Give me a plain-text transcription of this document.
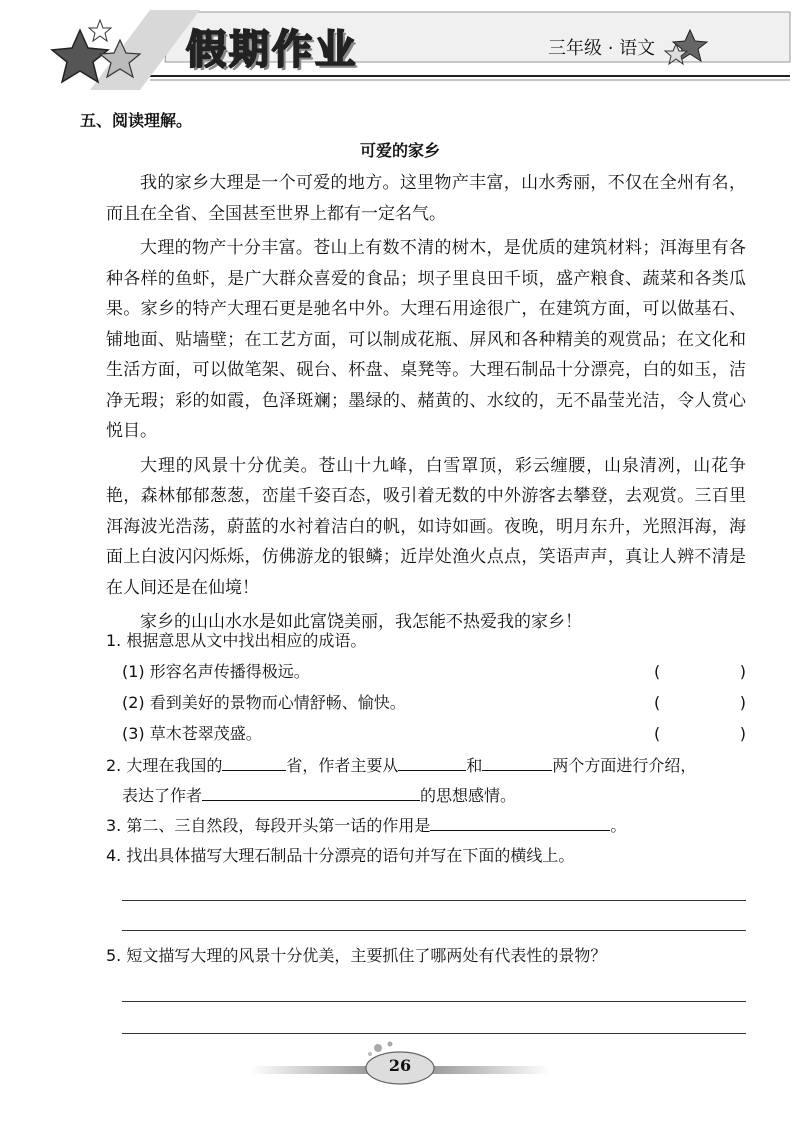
假期作业	三年级 · 语文
五、阅读理解。
可爱的家乡

我的家乡大理是一个可爱的地方。这里物产丰富，山水秀丽，不仅在全州有名，而且在全省、全国甚至世界上都有一定名气。

大理的物产十分丰富。苍山上有数不清的树木，是优质的建筑材料；洱海里有各种各样的鱼虾，是广大群众喜爱的食品；坝子里良田千顷，盛产粮食、蔬菜和各类瓜果。家乡的特产大理石更是驰名中外。大理石用途很广，在建筑方面，可以做基石、铺地面、贴墙壁；在工艺方面，可以制成花瓶、屏风和各种精美的观赏品；在文化和生活方面，可以做笔架、砚台、杯盘、桌凳等。大理石制品十分漂亮，白的如玉，洁净无瑕；彩的如霞，色泽斑斓；墨绿的、赭黄的、水纹的，无不晶莹光洁，令人赏心悦目。

大理的风景十分优美。苍山十九峰，白雪罩顶，彩云缠腰，山泉清冽，山花争艳，森林郁郁葱葱，峦崖千姿百态，吸引着无数的中外游客去攀登，去观赏。三百里洱海波光浩荡，蔚蓝的水衬着洁白的帆，如诗如画。夜晚，明月东升，光照洱海，海面上白波闪闪烁烁，仿佛游龙的银鳞；近岸处渔火点点，笑语声声，真让人辨不清是在人间还是在仙境！

家乡的山山水水是如此富饶美丽，我怎能不热爱我的家乡！

1. 根据意思从文中找出相应的成语。
(1) 形容名声传播得极远。	(	)
(2) 看到美好的景物而心情舒畅、愉快。	(	)
(3) 草木苍翠茂盛。	(	)
2. 大理在我国的	省，作者主要从	和	两个方面进行介绍，
表达了作者	的思想感情。
3. 第二、三自然段，每段开头第一话的作用是	。
4. 找出具体描写大理石制品十分漂亮的语句并写在下面的横线上。
5. 短文描写大理的风景十分优美，主要抓住了哪两处有代表性的景物？
26
